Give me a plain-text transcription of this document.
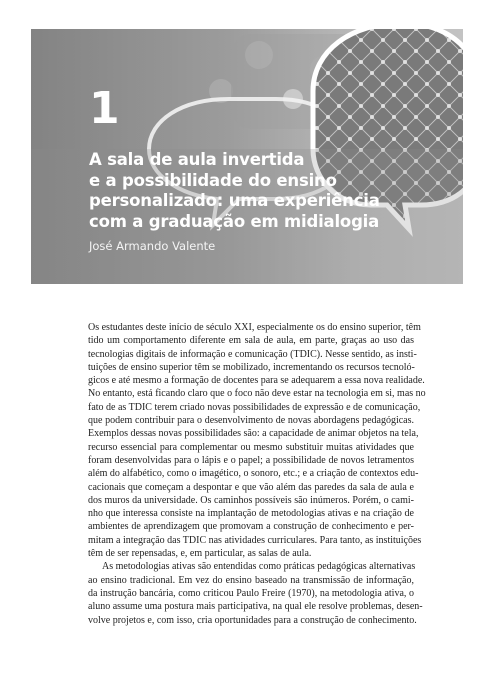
1
A sala de aula invertida
e a possibilidade do ensino
personalizado: uma experiência
com a graduação em midialogia
José Armando Valente

Os estudantes deste início de século XXI, especialmente os do ensino superior, têm
tido um comportamento diferente em sala de aula, em parte, graças ao uso das
tecnologias digitais de informação e comunicação (TDIC). Nesse sentido, as insti-
tuições de ensino superior têm se mobilizado, incrementando os recursos tecnoló-
gicos e até mesmo a formação de docentes para se adequarem a essa nova realidade.
No entanto, está ficando claro que o foco não deve estar na tecnologia em si, mas no
fato de as TDIC terem criado novas possibilidades de expressão e de comunicação,
que podem contribuir para o desenvolvimento de novas abordagens pedagógicas.
Exemplos dessas novas possibilidades são: a capacidade de animar objetos na tela,
recurso essencial para complementar ou mesmo substituir muitas atividades que
foram desenvolvidas para o lápis e o papel; a possibilidade de novos letramentos
além do alfabético, como o imagético, o sonoro, etc.; e a criação de contextos edu-
cacionais que começam a despontar e que vão além das paredes da sala de aula e
dos muros da universidade. Os caminhos possíveis são inúmeros. Porém, o cami-
nho que interessa consiste na implantação de metodologias ativas e na criação de
ambientes de aprendizagem que promovam a construção de conhecimento e per-
mitam a integração das TDIC nas atividades curriculares. Para tanto, as instituições
têm de ser repensadas, e, em particular, as salas de aula.

As metodologias ativas são entendidas como práticas pedagógicas alternativas
ao ensino tradicional. Em vez do ensino baseado na transmissão de informação,
da instrução bancária, como criticou Paulo Freire (1970), na metodologia ativa, o
aluno assume uma postura mais participativa, na qual ele resolve problemas, desen-
volve projetos e, com isso, cria oportunidades para a construção de conhecimento.
